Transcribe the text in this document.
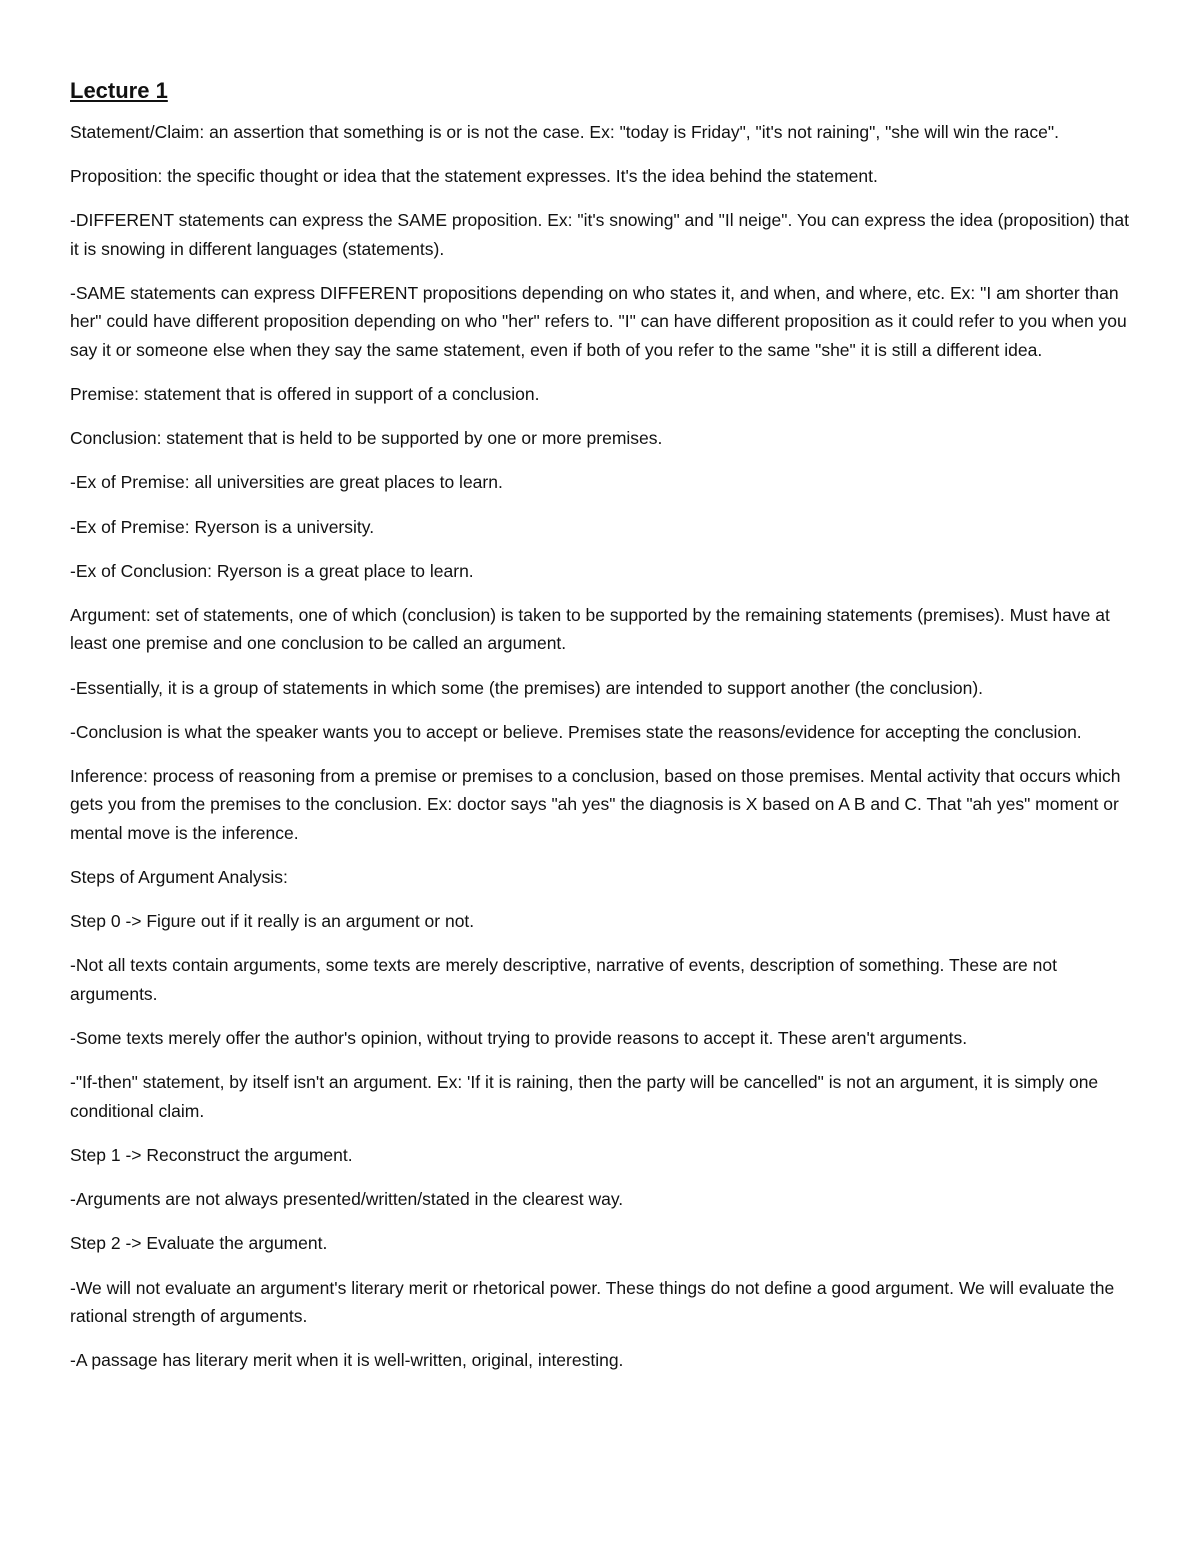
Lecture 1

Statement/Claim: an assertion that something is or is not the case. Ex: "today is Friday", "it's not raining", "she will win the race".

Proposition: the specific thought or idea that the statement expresses. It's the idea behind the statement.

-DIFFERENT statements can express the SAME proposition. Ex: "it's snowing" and "Il neige". You can express the idea (proposition) that it is snowing in different languages (statements).

-SAME statements can express DIFFERENT propositions depending on who states it, and when, and where, etc. Ex: "I am shorter than her" could have different proposition depending on who "her" refers to. "I" can have different proposition as it could refer to you when you say it or someone else when they say the same statement, even if both of you refer to the same "she" it is still a different idea.

Premise: statement that is offered in support of a conclusion.

Conclusion: statement that is held to be supported by one or more premises.

-Ex of Premise: all universities are great places to learn.

-Ex of Premise: Ryerson is a university.

-Ex of Conclusion: Ryerson is a great place to learn.

Argument: set of statements, one of which (conclusion) is taken to be supported by the remaining statements (premises). Must have at least one premise and one conclusion to be called an argument.

-Essentially, it is a group of statements in which some (the premises) are intended to support another (the conclusion).

-Conclusion is what the speaker wants you to accept or believe. Premises state the reasons/evidence for accepting the conclusion.

Inference: process of reasoning from a premise or premises to a conclusion, based on those premises. Mental activity that occurs which gets you from the premises to the conclusion. Ex: doctor says "ah yes" the diagnosis is X based on A B and C. That "ah yes" moment or mental move is the inference.

Steps of Argument Analysis:

Step 0 -> Figure out if it really is an argument or not.

-Not all texts contain arguments, some texts are merely descriptive, narrative of events, description of something. These are not arguments.

-Some texts merely offer the author's opinion, without trying to provide reasons to accept it. These aren't arguments.

-"If-then" statement, by itself isn't an argument. Ex: 'If it is raining, then the party will be cancelled" is not an argument, it is simply one conditional claim.

Step 1 -> Reconstruct the argument.

-Arguments are not always presented/written/stated in the clearest way.

Step 2 -> Evaluate the argument.

-We will not evaluate an argument's literary merit or rhetorical power. These things do not define a good argument. We will evaluate the rational strength of arguments.

-A passage has literary merit when it is well-written, original, interesting.
